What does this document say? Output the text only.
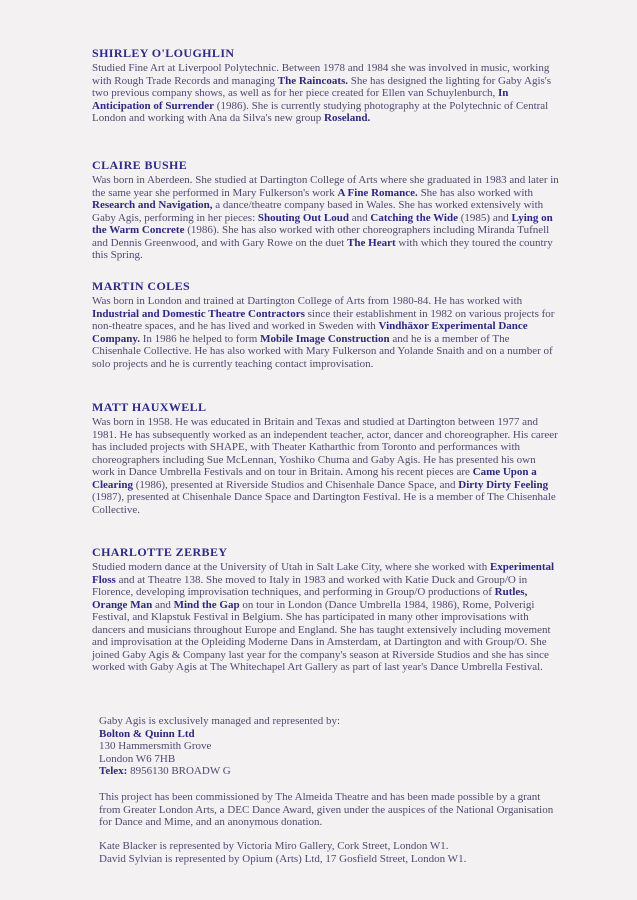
SHIRLEY O'LOUGHLIN

Studied Fine Art at Liverpool Polytechnic. Between 1978 and 1984 she was involved in music, working with Rough Trade Records and managing The Raincoats. She has designed the lighting for Gaby Agis's two previous company shows, as well as for her piece created for Ellen van Schuylenburch, In Anticipation of Surrender (1986). She is currently studying photography at the Polytechnic of Central London and working with Ana da Silva's new group Roseland.

CLAIRE BUSHE

Was born in Aberdeen. She studied at Dartington College of Arts where she graduated in 1983 and later in the same year she performed in Mary Fulkerson's work A Fine Romance. She has also worked with Research and Navigation, a dance/theatre company based in Wales. She has worked extensively with Gaby Agis, performing in her pieces: Shouting Out Loud and Catching the Wide (1985) and Lying on the Warm Concrete (1986). She has also worked with other choreographers including Miranda Tufnell and Dennis Greenwood, and with Gary Rowe on the duet The Heart with which they toured the country this Spring.

MARTIN COLES

Was born in London and trained at Dartington College of Arts from 1980-84. He has worked with Industrial and Domestic Theatre Contractors since their establishment in 1982 on various projects for non-theatre spaces, and he has lived and worked in Sweden with Vindhäxor Experimental Dance Company. In 1986 he helped to form Mobile Image Construction and he is a member of The Chisenhale Collective. He has also worked with Mary Fulkerson and Yolande Snaith and on a number of solo projects and he is currently teaching contact improvisation.

MATT HAUXWELL

Was born in 1958. He was educated in Britain and Texas and studied at Dartington between 1977 and 1981. He has subsequently worked as an independent teacher, actor, dancer and choreographer. His career has included projects with SHAPE, with Theater Katharthic from Toronto and performances with choreographers including Sue McLennan, Yoshiko Chuma and Gaby Agis. He has presented his own work in Dance Umbrella Festivals and on tour in Britain. Among his recent pieces are Came Upon a Clearing (1986), presented at Riverside Studios and Chisenhale Dance Space, and Dirty Dirty Feeling (1987), presented at Chisenhale Dance Space and Dartington Festival. He is a member of The Chisenhale Collective.

CHARLOTTE ZERBEY

Studied modern dance at the University of Utah in Salt Lake City, where she worked with Experimental Floss and at Theatre 138. She moved to Italy in 1983 and worked with Katie Duck and Group/O in Florence, developing improvisation techniques, and performing in Group/O productions of Rutles, Orange Man and Mind the Gap on tour in London (Dance Umbrella 1984, 1986), Rome, Polverigi Festival, and Klapstuk Festival in Belgium. She has participated in many other improvisations with dancers and musicians throughout Europe and England. She has taught extensively including movement and improvisation at the Opleiding Moderne Dans in Amsterdam, at Dartington and with Group/O. She joined Gaby Agis & Company last year for the company's season at Riverside Studios and she has since worked with Gaby Agis at The Whitechapel Art Gallery as part of last year's Dance Umbrella Festival.

Gaby Agis is exclusively managed and represented by:
Bolton & Quinn Ltd
130 Hammersmith Grove
London W6 7HB
Telex: 8956130 BROADW G
This project has been commissioned by The Almeida Theatre and has been made possible by a grant from Greater London Arts, a DEC Dance Award, given under the auspices of the National Organisation for Dance and Mime, and an anonymous donation.
Kate Blacker is represented by Victoria Miro Gallery, Cork Street, London W1.
David Sylvian is represented by Opium (Arts) Ltd, 17 Gosfield Street, London W1.
